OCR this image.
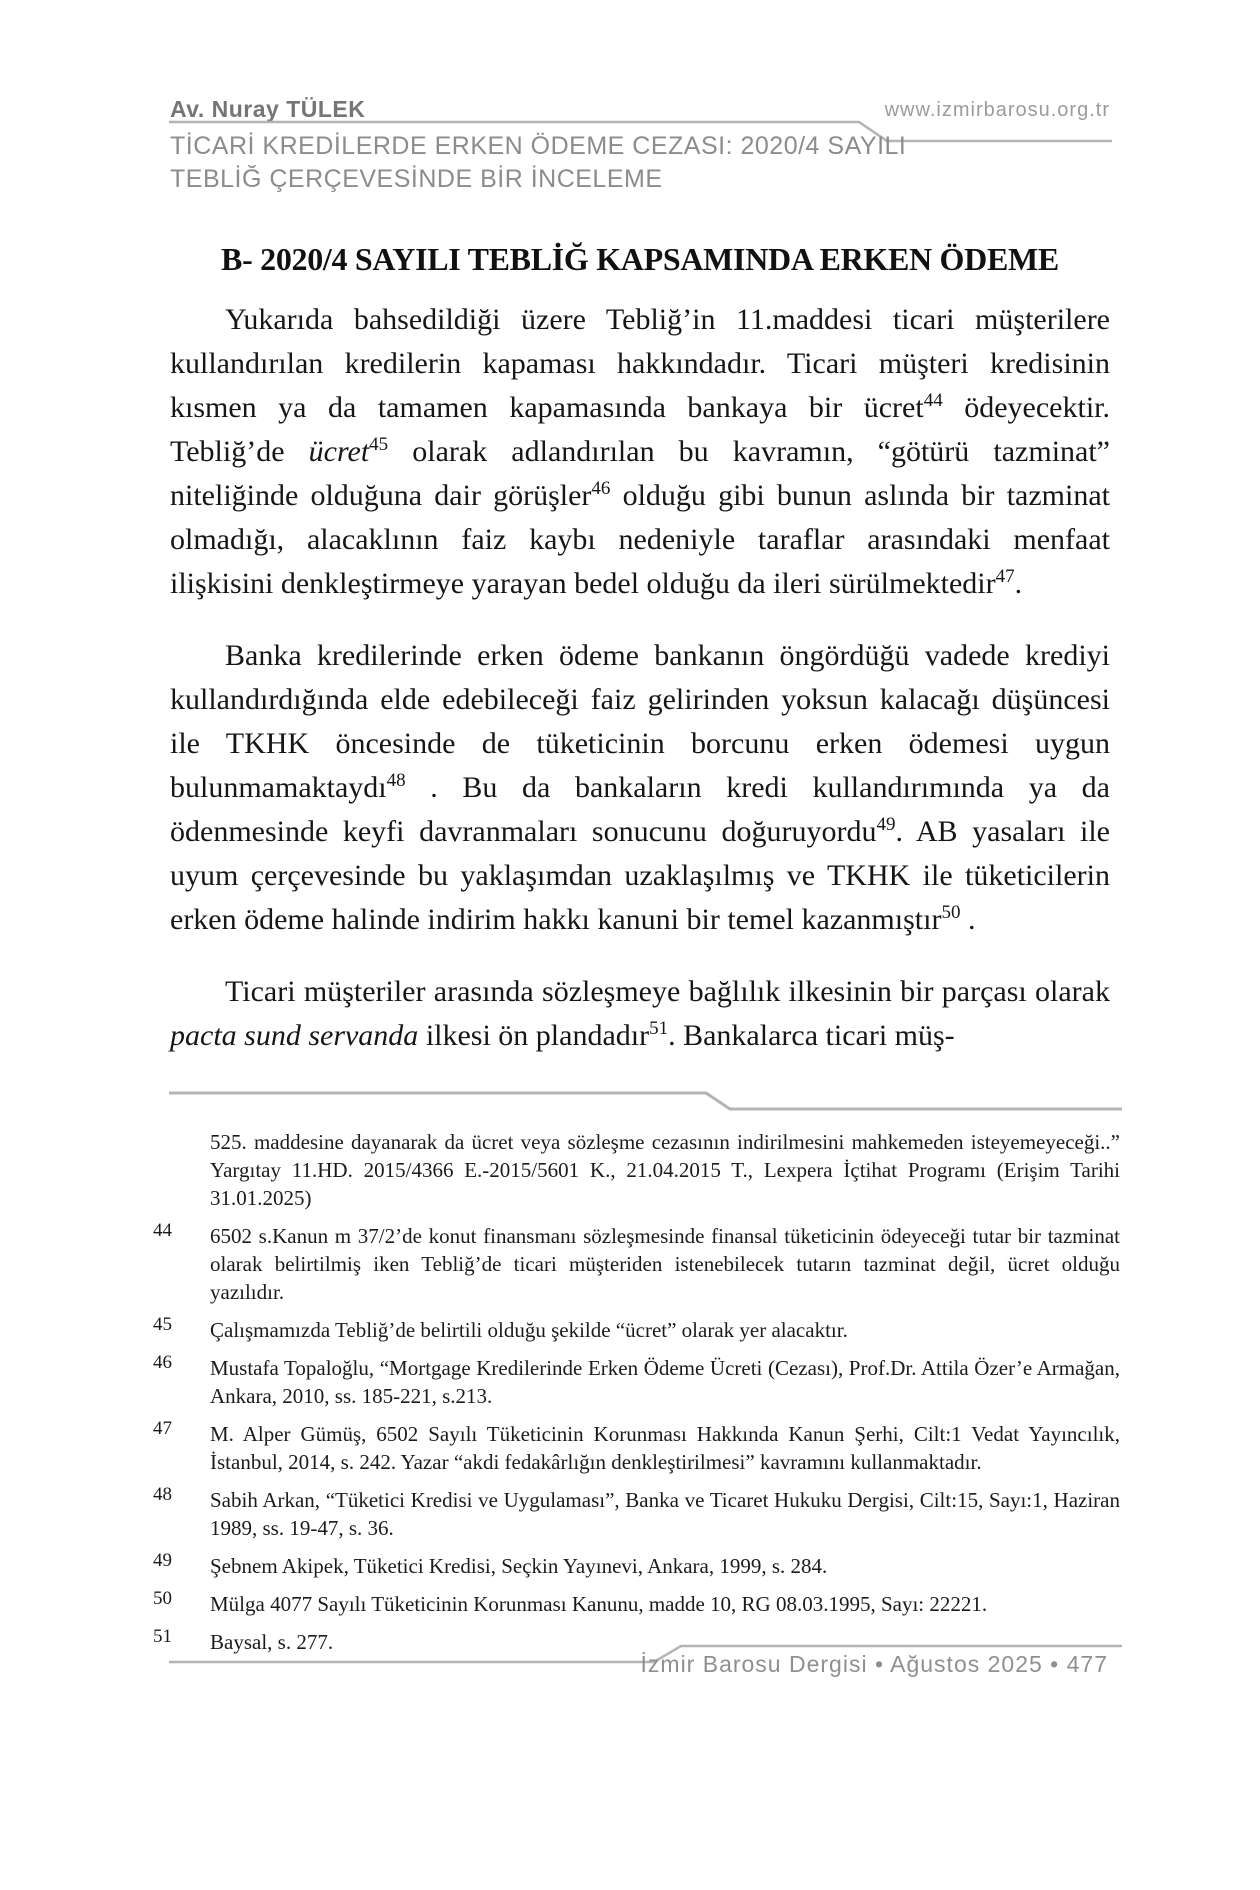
Av. Nuray TÜLEK	www.izmirbarosu.org.tr
TİCARİ KREDİLERDE ERKEN ÖDEME CEZASI: 2020/4 SAYILI
TEBLİĞ ÇERÇEVESİNDE BİR İNCELEME
B- 2020/4 SAYILI TEBLİĞ KAPSAMINDA ERKEN ÖDEME

Yukarıda bahsedildiği üzere Tebliğ’in 11.maddesi ticari müşterilere kullandırılan kredilerin kapaması hakkındadır. Ticari müşteri kredisinin kısmen ya da tamamen kapamasında bankaya bir ücret$^{44}$ ödeyecektir. Tebliğ’de ücret$^{45}$ olarak adlandırılan bu kavramın, “götürü tazminat” niteliğinde olduğuna dair görüşler$^{46}$ olduğu gibi bunun aslında bir tazminat olmadığı, alacaklının faiz kaybı nedeniyle taraflar arasındaki menfaat ilişkisini denkleştirmeye yarayan bedel olduğu da ileri sürülmektedir$^{47}$.

Banka kredilerinde erken ödeme bankanın öngördüğü vadede krediyi kullandırdığında elde edebileceği faiz gelirinden yoksun kalacağı düşüncesi ile TKHK öncesinde de tüketicinin borcunu erken ödemesi uygun bulunmamaktaydı$^{48}$ . Bu da bankaların kredi kullandırımında ya da ödenmesinde keyfi davranmaları sonucunu doğuruyordu$^{49}$. AB yasaları ile uyum çerçevesinde bu yaklaşımdan uzaklaşılmış ve TKHK ile tüketicilerin erken ödeme halinde indirim hakkı kanuni bir temel kazanmıştır$^{50}$ .

Ticari müşteriler arasında sözleşmeye bağlılık ilkesinin bir parçası olarak pacta sund servanda ilkesi ön plandadır$^{51}$. Bankalarca ticari müş-

525. maddesine dayanarak da ücret veya sözleşme cezasının indirilmesini mahkemeden isteyemeyeceği..” Yargıtay 11.HD. 2015/4366 E.-2015/5601 K., 21.04.2015 T., Lexpera İçtihat Programı (Erişim Tarihi 31.01.2025)
44	6502 s.Kanun m 37/2’de konut finansmanı sözleşmesinde finansal tüketicinin ödeyeceği tutar bir tazminat olarak belirtilmiş iken Tebliğ’de ticari müşteriden istenebilecek tutarın tazminat değil, ücret olduğu yazılıdır.
45	Çalışmamızda Tebliğ’de belirtili olduğu şekilde “ücret” olarak yer alacaktır.
46	Mustafa Topaloğlu, “Mortgage Kredilerinde Erken Ödeme Ücreti (Cezası), Prof.Dr. Attila Özer’e Armağan, Ankara, 2010, ss. 185-221, s.213.
47	M. Alper Gümüş, 6502 Sayılı Tüketicinin Korunması Hakkında Kanun Şerhi, Cilt:1 Vedat Yayıncılık, İstanbul, 2014, s. 242. Yazar “akdi fedakârlığın denkleştirilmesi” kavramını kullanmaktadır.
48	Sabih Arkan, “Tüketici Kredisi ve Uygulaması”, Banka ve Ticaret Hukuku Dergisi, Cilt:15, Sayı:1, Haziran 1989, ss. 19-47, s. 36.
49	Şebnem Akipek, Tüketici Kredisi, Seçkin Yayınevi, Ankara, 1999, s. 284.
50	Mülga 4077 Sayılı Tüketicinin Korunması Kanunu, madde 10, RG 08.03.1995, Sayı: 22221.
51	Baysal, s. 277.
İzmir Barosu Dergisi • Ağustos 2025 • 477
